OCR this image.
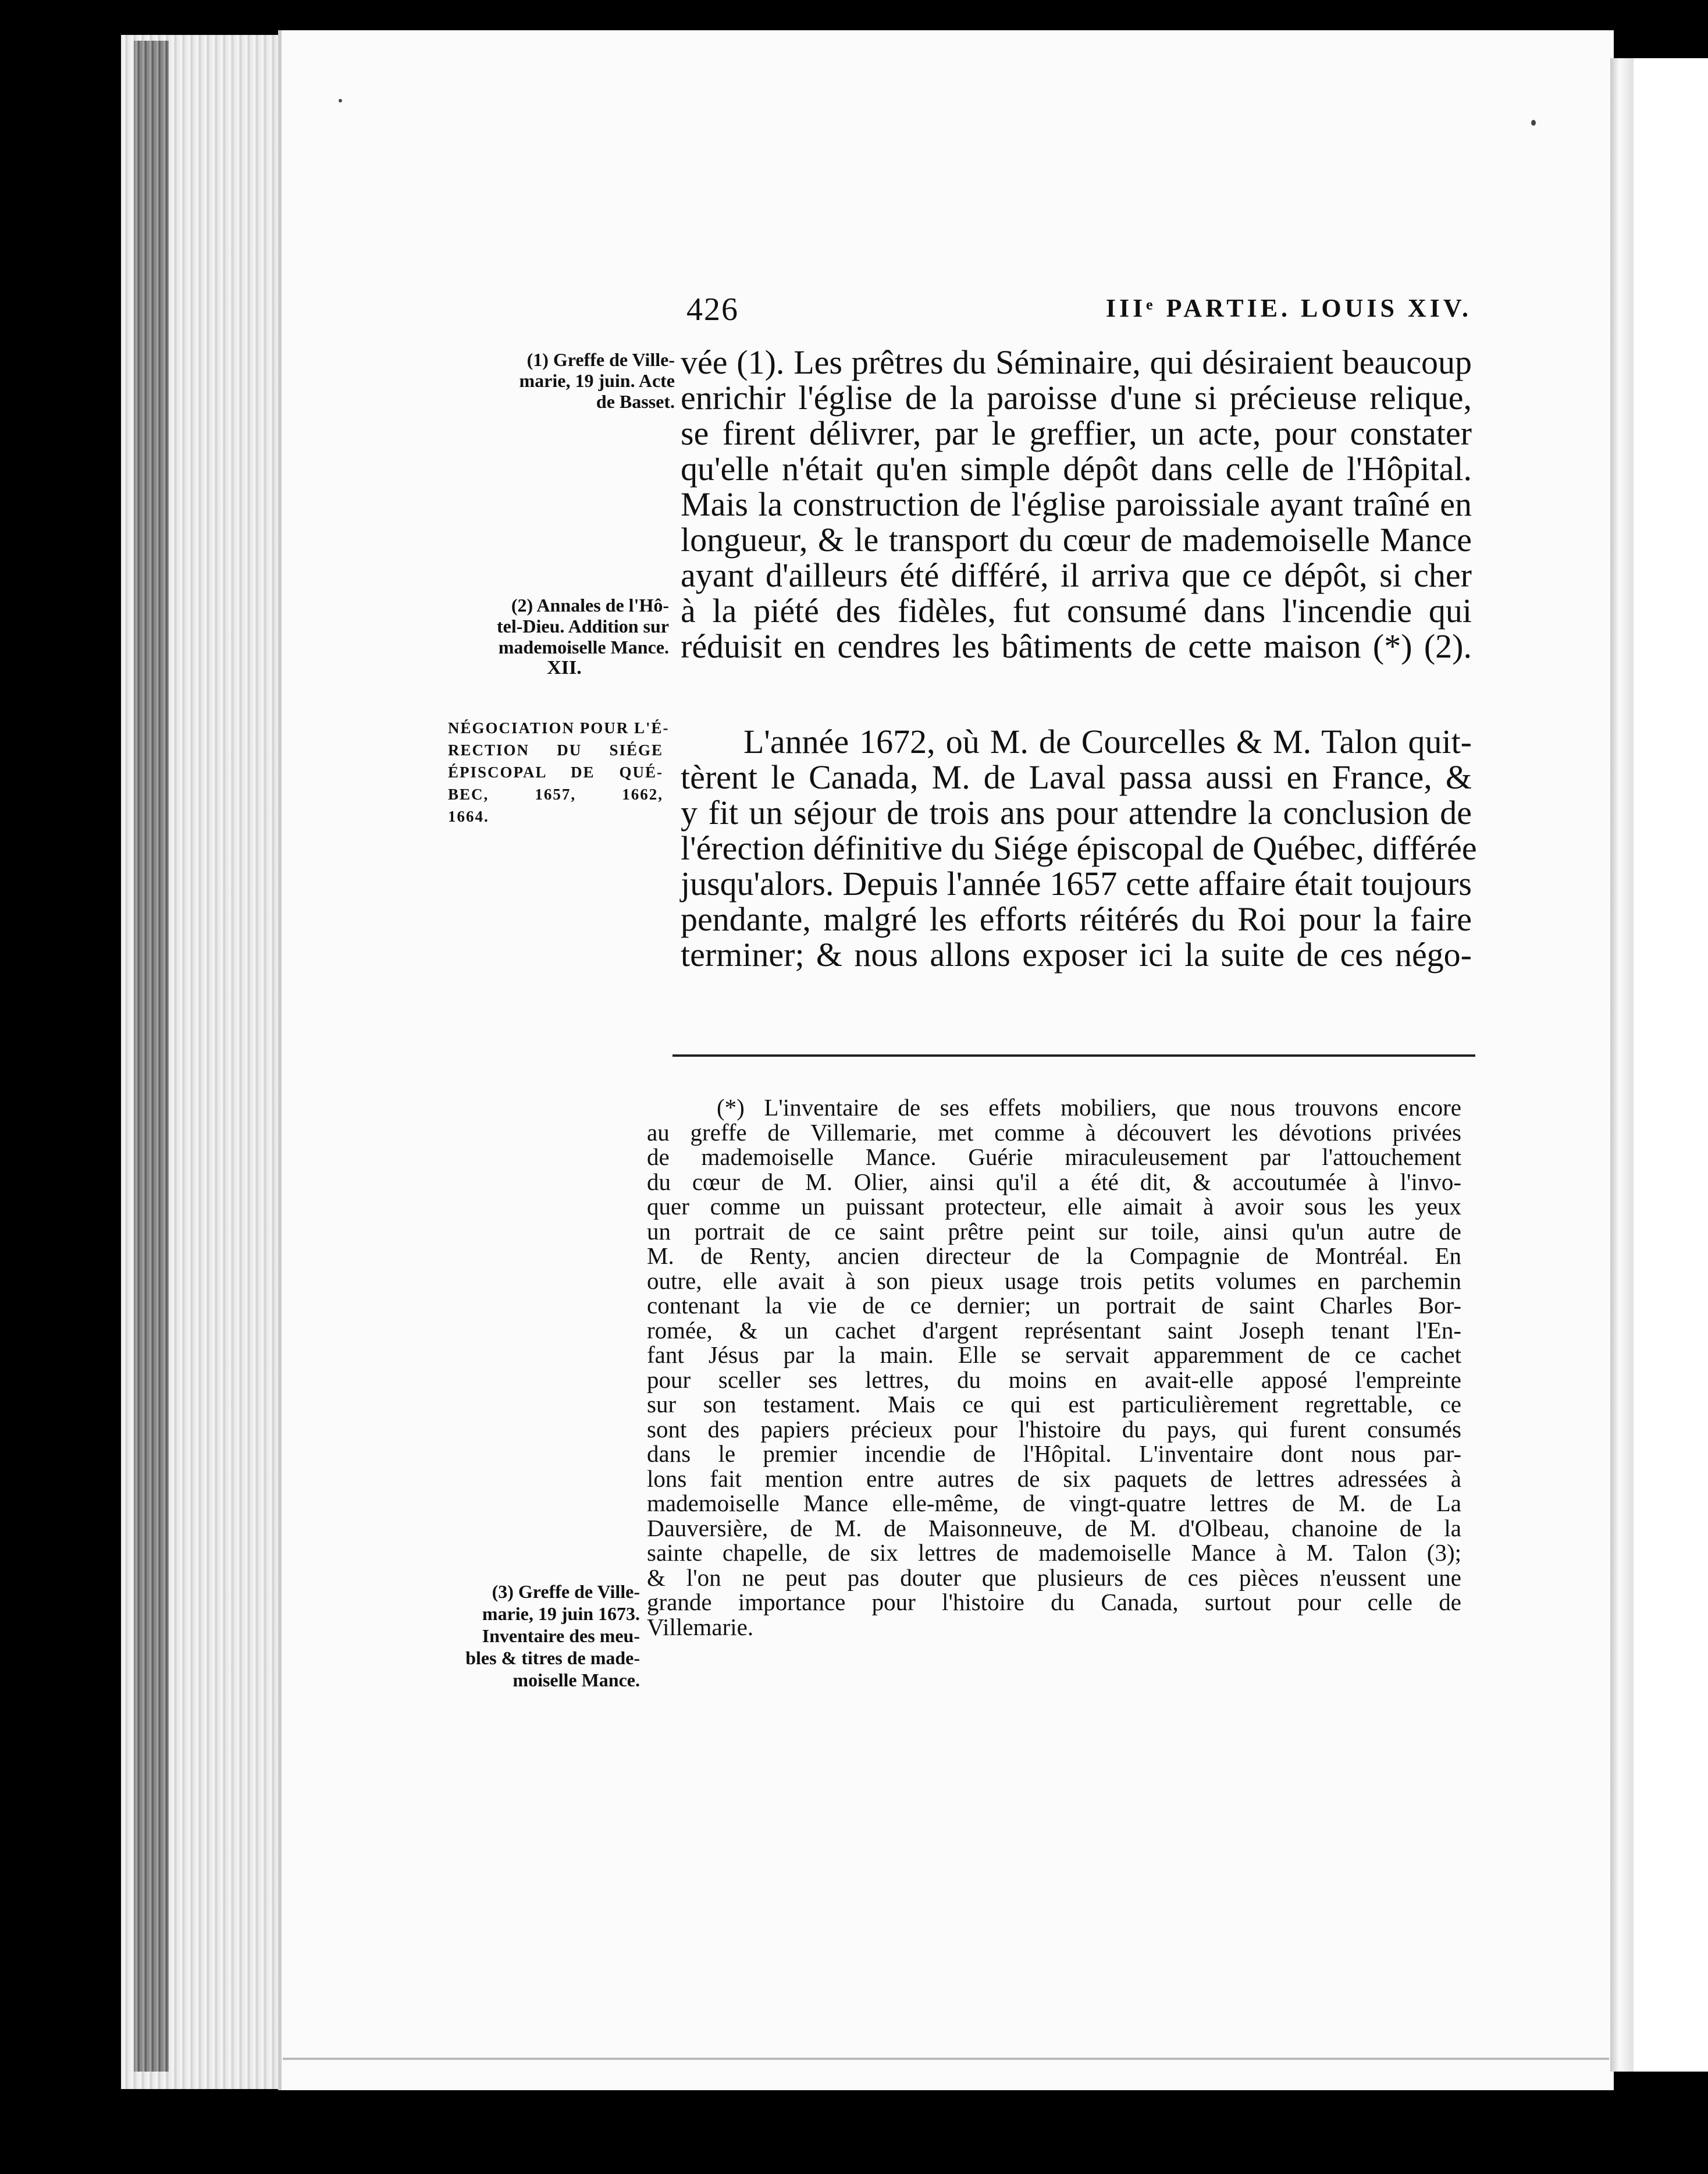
426	IIIᵉ PARTIE. LOUIS XIV.
(1) Greffe de Ville-
marie, 19 juin. Acte
de Basset.
(2) Annales de l'Hô-
tel-Dieu. Addition sur
mademoiselle Mance.
XII.
NÉGOCIATION POUR L'É-
RECTION DU SIÉGE
ÉPISCOPAL DE QUÉ-
BEC, 1657, 1662,
1664.
(3) Greffe de Ville-
marie, 19 juin 1673.
Inventaire des meu-
bles & titres de made-
moiselle Mance.
vée (1). Les prêtres du Séminaire, qui désiraient beaucoup
enrichir l'église de la paroisse d'une si précieuse relique,
se firent délivrer, par le greffier, un acte, pour constater
qu'elle n'était qu'en simple dépôt dans celle de l'Hôpital.
Mais la construction de l'église paroissiale ayant traîné en
longueur, & le transport du cœur de mademoiselle Mance
ayant d'ailleurs été différé, il arriva que ce dépôt, si cher
à la piété des fidèles, fut consumé dans l'incendie qui
réduisit en cendres les bâtiments de cette maison (*) (2).
L'année 1672, où M. de Courcelles & M. Talon quit-
tèrent le Canada, M. de Laval passa aussi en France, &
y fit un séjour de trois ans pour attendre la conclusion de
l'érection définitive du Siége épiscopal de Québec, différée
jusqu'alors. Depuis l'année 1657 cette affaire était toujours
pendante, malgré les efforts réitérés du Roi pour la faire
terminer; & nous allons exposer ici la suite de ces négo-
(*) L'inventaire de ses effets mobiliers, que nous trouvons encore
au greffe de Villemarie, met comme à découvert les dévotions privées
de mademoiselle Mance. Guérie miraculeusement par l'attouchement
du cœur de M. Olier, ainsi qu'il a été dit, & accoutumée à l'invo-
quer comme un puissant protecteur, elle aimait à avoir sous les yeux
un portrait de ce saint prêtre peint sur toile, ainsi qu'un autre de
M. de Renty, ancien directeur de la Compagnie de Montréal. En
outre, elle avait à son pieux usage trois petits volumes en parchemin
contenant la vie de ce dernier; un portrait de saint Charles Bor-
romée, & un cachet d'argent représentant saint Joseph tenant l'En-
fant Jésus par la main. Elle se servait apparemment de ce cachet
pour sceller ses lettres, du moins en avait-elle apposé l'empreinte
sur son testament. Mais ce qui est particulièrement regrettable, ce
sont des papiers précieux pour l'histoire du pays, qui furent consumés
dans le premier incendie de l'Hôpital. L'inventaire dont nous par-
lons fait mention entre autres de six paquets de lettres adressées à
mademoiselle Mance elle-même, de vingt-quatre lettres de M. de La
Dauversière, de M. de Maisonneuve, de M. d'Olbeau, chanoine de la
sainte chapelle, de six lettres de mademoiselle Mance à M. Talon (3);
& l'on ne peut pas douter que plusieurs de ces pièces n'eussent une
grande importance pour l'histoire du Canada, surtout pour celle de
Villemarie.
